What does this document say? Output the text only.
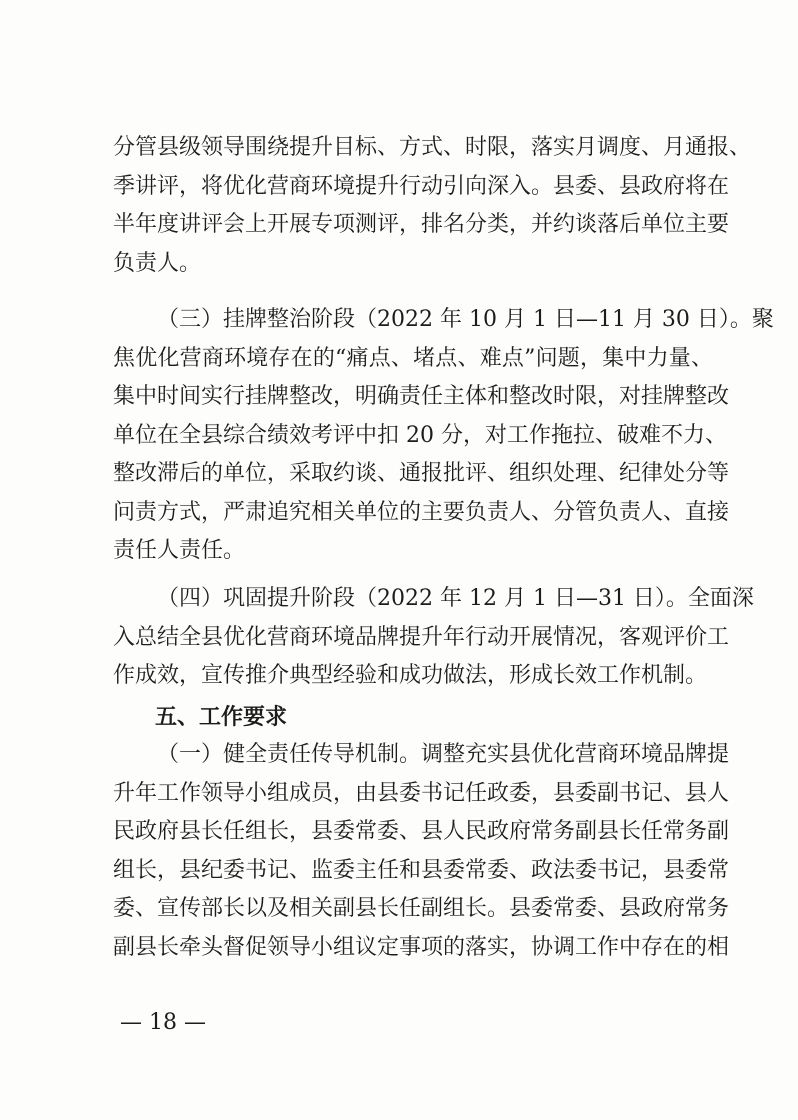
分管县级领导围绕提升目标、方式、时限，落实月调度、月通报、
季讲评，将优化营商环境提升行动引向深入。县委、县政府将在
半年度讲评会上开展专项测评，排名分类，并约谈落后单位主要
负责人。
（三）挂牌整治阶段（2022 年 10 月 1 日—11 月 30 日）。聚
焦优化营商环境存在的“痛点、堵点、难点”问题，集中力量、
集中时间实行挂牌整改，明确责任主体和整改时限，对挂牌整改
单位在全县综合绩效考评中扣 20 分，对工作拖拉、破难不力、
整改滞后的单位，采取约谈、通报批评、组织处理、纪律处分等
问责方式，严肃追究相关单位的主要负责人、分管负责人、直接
责任人责任。
（四）巩固提升阶段（2022 年 12 月 1 日—31 日）。全面深
入总结全县优化营商环境品牌提升年行动开展情况，客观评价工
作成效，宣传推介典型经验和成功做法，形成长效工作机制。
五、工作要求
（一）健全责任传导机制。调整充实县优化营商环境品牌提
升年工作领导小组成员，由县委书记任政委，县委副书记、县人
民政府县长任组长，县委常委、县人民政府常务副县长任常务副
组长，县纪委书记、监委主任和县委常委、政法委书记，县委常
委、宣传部长以及相关副县长任副组长。县委常委、县政府常务
副县长牵头督促领导小组议定事项的落实，协调工作中存在的相
— 18 —
